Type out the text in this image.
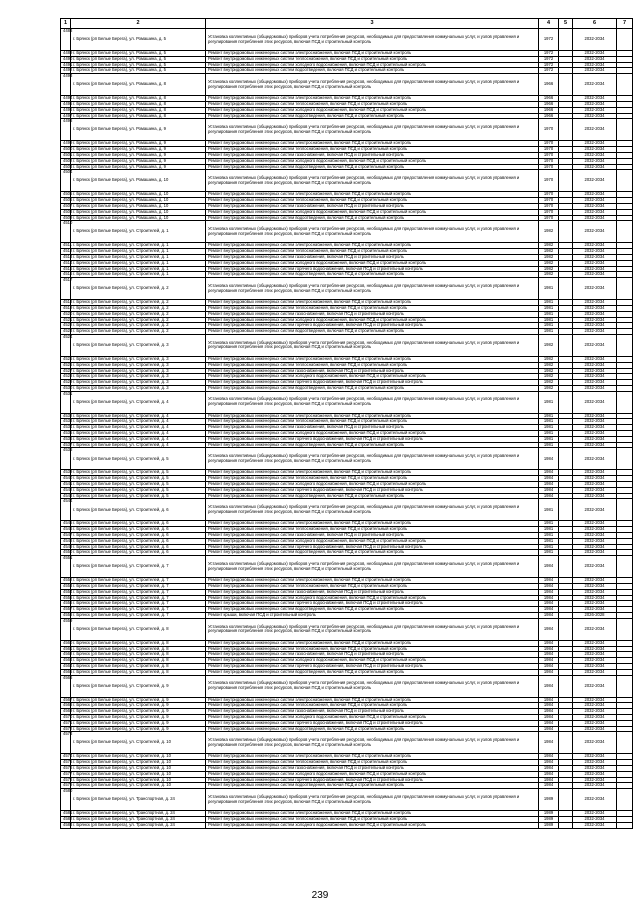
1	2	3	4	5	6	7
4488	г. Брянск (рп Белые Берега), ул. Ромашина, д. 5	Установка коллективных (общедомовых) приборов учета потребления ресурсов, необходимых для предоставления коммунальных услуг, и узлов управления и регулирования потребления этих ресурсов, включая ПСД и строительный контроль	1972		2032-2034	
4489	г. Брянск (рп Белые Берега), ул. Ромашина, д. 5	Ремонт внутридомовых инженерных систем электроснабжения, включая ПСД и строительный контроль	1972		2032-2034	
4490	г. Брянск (рп Белые Берега), ул. Ромашина, д. 5	Ремонт внутридомовых инженерных систем теплоснабжения, включая ПСД и строительный контроль	1972		2032-2034	
4491	г. Брянск (рп Белые Берега), ул. Ромашина, д. 5	Ремонт внутридомовых инженерных систем холодного водоснабжения, включая ПСД и строительный контроль	1972		2032-2034	
4492	г. Брянск (рп Белые Берега), ул. Ромашина, д. 5	Ремонт внутридомовых инженерных систем водоотведения, включая ПСД и строительный контроль	1972		2032-2034	
4493	г. Брянск (рп Белые Берега), ул. Ромашина, д. 8	Установка коллективных (общедомовых) приборов учета потребления ресурсов, необходимых для предоставления коммунальных услуг, и узлов управления и регулирования потребления этих ресурсов, включая ПСД и строительный контроль	1966		2032-2034	
4494	г. Брянск (рп Белые Берега), ул. Ромашина, д. 8	Ремонт внутридомовых инженерных систем электроснабжения, включая ПСД и строительный контроль	1966		2032-2034	
4495	г. Брянск (рп Белые Берега), ул. Ромашина, д. 8	Ремонт внутридомовых инженерных систем теплоснабжения, включая ПСД и строительный контроль	1966		2032-2034	
4496	г. Брянск (рп Белые Берега), ул. Ромашина, д. 8	Ремонт внутридомовых инженерных систем холодного водоснабжения, включая ПСД и строительный контроль	1966		2032-2034	
4497	г. Брянск (рп Белые Берега), ул. Ромашина, д. 8	Ремонт внутридомовых инженерных систем водоотведения, включая ПСД и строительный контроль	1966		2032-2034	
4498	г. Брянск (рп Белые Берега), ул. Ромашина, д. 9	Установка коллективных (общедомовых) приборов учета потребления ресурсов, необходимых для предоставления коммунальных услуг, и узлов управления и регулирования потребления этих ресурсов, включая ПСД и строительный контроль	1970		2032-2034	
4499	г. Брянск (рп Белые Берега), ул. Ромашина, д. 9	Ремонт внутридомовых инженерных систем электроснабжения, включая ПСД и строительный контроль	1970		2032-2034	
4500	г. Брянск (рп Белые Берега), ул. Ромашина, д. 9	Ремонт внутридомовых инженерных систем теплоснабжения, включая ПСД и строительный контроль	1970		2032-2034	
4501	г. Брянск (рп Белые Берега), ул. Ромашина, д. 9	Ремонт внутридомовых инженерных систем газоснабжения, включая ПСД и строительный контроль	1970		2032-2034	
4502	г. Брянск (рп Белые Берега), ул. Ромашина, д. 9	Ремонт внутридомовых инженерных систем холодного водоснабжения, включая ПСД и строительный контроль	1970		2032-2034	
4503	г. Брянск (рп Белые Берега), ул. Ромашина, д. 9	Ремонт внутридомовых инженерных систем водоотведения, включая ПСД и строительный контроль	1970		2032-2034	
4504	г. Брянск (рп Белые Берега), ул. Ромашина, д. 10	Установка коллективных (общедомовых) приборов учета потребления ресурсов, необходимых для предоставления коммунальных услуг, и узлов управления и регулирования потребления этих ресурсов, включая ПСД и строительный контроль	1970		2032-2034	
4505	г. Брянск (рп Белые Берега), ул. Ромашина, д. 10	Ремонт внутридомовых инженерных систем электроснабжения, включая ПСД и строительный контроль	1970		2032-2034	
4506	г. Брянск (рп Белые Берега), ул. Ромашина, д. 10	Ремонт внутридомовых инженерных систем теплоснабжения, включая ПСД и строительный контроль	1970		2032-2034	
4507	г. Брянск (рп Белые Берега), ул. Ромашина, д. 10	Ремонт внутридомовых инженерных систем газоснабжения, включая ПСД и строительный контроль	1970		2032-2034	
4508	г. Брянск (рп Белые Берега), ул. Ромашина, д. 10	Ремонт внутридомовых инженерных систем холодного водоснабжения, включая ПСД и строительный контроль	1970		2032-2034	
4509	г. Брянск (рп Белые Берега), ул. Ромашина, д. 10	Ремонт внутридомовых инженерных систем водоотведения, включая ПСД и строительный контроль	1970		2032-2034	
4510	г. Брянск (рп Белые Берега), ул. Строителей, д. 1	Установка коллективных (общедомовых) приборов учета потребления ресурсов, необходимых для предоставления коммунальных услуг, и узлов управления и регулирования потребления этих ресурсов, включая ПСД и строительный контроль	1982		2032-2034	
4511	г. Брянск (рп Белые Берега), ул. Строителей, д. 1	Ремонт внутридомовых инженерных систем электроснабжения, включая ПСД и строительный контроль	1982		2032-2034	
4512	г. Брянск (рп Белые Берега), ул. Строителей, д. 1	Ремонт внутридомовых инженерных систем теплоснабжения, включая ПСД и строительный контроль	1982		2032-2034	
4513	г. Брянск (рп Белые Берега), ул. Строителей, д. 1	Ремонт внутридомовых инженерных систем газоснабжения, включая ПСД и строительный контроль	1982		2032-2034	
4514	г. Брянск (рп Белые Берега), ул. Строителей, д. 1	Ремонт внутридомовых инженерных систем холодного водоснабжения, включая ПСД и строительный контроль	1982		2032-2034	
4515	г. Брянск (рп Белые Берега), ул. Строителей, д. 1	Ремонт внутридомовых инженерных систем горячего водоснабжения, включая ПСД и строительный контроль	1982		2032-2034	
4516	г. Брянск (рп Белые Берега), ул. Строителей, д. 1	Ремонт внутридомовых инженерных систем водоотведения, включая ПСД и строительный контроль	1982		2032-2034	
4517	г. Брянск (рп Белые Берега), ул. Строителей, д. 2	Установка коллективных (общедомовых) приборов учета потребления ресурсов, необходимых для предоставления коммунальных услуг, и узлов управления и регулирования потребления этих ресурсов, включая ПСД и строительный контроль	1981		2032-2034	
4518	г. Брянск (рп Белые Берега), ул. Строителей, д. 2	Ремонт внутридомовых инженерных систем электроснабжения, включая ПСД и строительный контроль	1981		2032-2034	
4519	г. Брянск (рп Белые Берега), ул. Строителей, д. 2	Ремонт внутридомовых инженерных систем теплоснабжения, включая ПСД и строительный контроль	1981		2032-2034	
4520	г. Брянск (рп Белые Берега), ул. Строителей, д. 2	Ремонт внутридомовых инженерных систем газоснабжения, включая ПСД и строительный контроль	1981		2032-2034	
4521	г. Брянск (рп Белые Берега), ул. Строителей, д. 2	Ремонт внутридомовых инженерных систем холодного водоснабжения, включая ПСД и строительный контроль	1981		2032-2034	
4522	г. Брянск (рп Белые Берега), ул. Строителей, д. 2	Ремонт внутридомовых инженерных систем горячего водоснабжения, включая ПСД и строительный контроль	1981		2032-2034	
4523	г. Брянск (рп Белые Берега), ул. Строителей, д. 2	Ремонт внутридомовых инженерных систем водоотведения, включая ПСД и строительный контроль	1981		2032-2034	
4524	г. Брянск (рп Белые Берега), ул. Строителей, д. 3	Установка коллективных (общедомовых) приборов учета потребления ресурсов, необходимых для предоставления коммунальных услуг, и узлов управления и регулирования потребления этих ресурсов, включая ПСД и строительный контроль	1982		2032-2034	
4525	г. Брянск (рп Белые Берега), ул. Строителей, д. 3	Ремонт внутридомовых инженерных систем электроснабжения, включая ПСД и строительный контроль	1982		2032-2034	
4526	г. Брянск (рп Белые Берега), ул. Строителей, д. 3	Ремонт внутридомовых инженерных систем теплоснабжения, включая ПСД и строительный контроль	1982		2032-2034	
4527	г. Брянск (рп Белые Берега), ул. Строителей, д. 3	Ремонт внутридомовых инженерных систем газоснабжения, включая ПСД и строительный контроль	1982		2032-2034	
4528	г. Брянск (рп Белые Берега), ул. Строителей, д. 3	Ремонт внутридомовых инженерных систем холодного водоснабжения, включая ПСД и строительный контроль	1982		2032-2034	
4529	г. Брянск (рп Белые Берега), ул. Строителей, д. 3	Ремонт внутридомовых инженерных систем горячего водоснабжения, включая ПСД и строительный контроль	1982		2032-2034	
4530	г. Брянск (рп Белые Берега), ул. Строителей, д. 3	Ремонт внутридомовых инженерных систем водоотведения, включая ПСД и строительный контроль	1982		2032-2034	
4531	г. Брянск (рп Белые Берега), ул. Строителей, д. 4	Установка коллективных (общедомовых) приборов учета потребления ресурсов, необходимых для предоставления коммунальных услуг, и узлов управления и регулирования потребления этих ресурсов, включая ПСД и строительный контроль	1981		2032-2034	
4532	г. Брянск (рп Белые Берега), ул. Строителей, д. 4	Ремонт внутридомовых инженерных систем электроснабжения, включая ПСД и строительный контроль	1981		2032-2034	
4533	г. Брянск (рп Белые Берега), ул. Строителей, д. 4	Ремонт внутридомовых инженерных систем теплоснабжения, включая ПСД и строительный контроль	1981		2032-2034	
4534	г. Брянск (рп Белые Берега), ул. Строителей, д. 4	Ремонт внутридомовых инженерных систем газоснабжения, включая ПСД и строительный контроль	1981		2032-2034	
4535	г. Брянск (рп Белые Берега), ул. Строителей, д. 4	Ремонт внутридомовых инженерных систем холодного водоснабжения, включая ПСД и строительный контроль	1981		2032-2034	
4536	г. Брянск (рп Белые Берега), ул. Строителей, д. 4	Ремонт внутридомовых инженерных систем горячего водоснабжения, включая ПСД и строительный контроль	1981		2032-2034	
4537	г. Брянск (рп Белые Берега), ул. Строителей, д. 4	Ремонт внутридомовых инженерных систем водоотведения, включая ПСД и строительный контроль	1981		2032-2034	
4538	г. Брянск (рп Белые Берега), ул. Строителей, д. 5	Установка коллективных (общедомовых) приборов учета потребления ресурсов, необходимых для предоставления коммунальных услуг, и узлов управления и регулирования потребления этих ресурсов, включая ПСД и строительный контроль	1984		2032-2034	
4539	г. Брянск (рп Белые Берега), ул. Строителей, д. 5	Ремонт внутридомовых инженерных систем электроснабжения, включая ПСД и строительный контроль	1984		2032-2034	
4540	г. Брянск (рп Белые Берега), ул. Строителей, д. 5	Ремонт внутридомовых инженерных систем теплоснабжения, включая ПСД и строительный контроль	1984		2032-2034	
4541	г. Брянск (рп Белые Берега), ул. Строителей, д. 5	Ремонт внутридомовых инженерных систем холодного водоснабжения, включая ПСД и строительный контроль	1984		2032-2034	
4542	г. Брянск (рп Белые Берега), ул. Строителей, д. 5	Ремонт внутридомовых инженерных систем горячего водоснабжения, включая ПСД и строительный контроль	1984		2032-2034	
4543	г. Брянск (рп Белые Берега), ул. Строителей, д. 5	Ремонт внутридомовых инженерных систем водоотведения, включая ПСД и строительный контроль	1984		2032-2034	
4544	г. Брянск (рп Белые Берега), ул. Строителей, д. 6	Установка коллективных (общедомовых) приборов учета потребления ресурсов, необходимых для предоставления коммунальных услуг, и узлов управления и регулирования потребления этих ресурсов, включая ПСД и строительный контроль	1981		2032-2034	
4545	г. Брянск (рп Белые Берега), ул. Строителей, д. 6	Ремонт внутридомовых инженерных систем электроснабжения, включая ПСД и строительный контроль	1981		2032-2034	
4546	г. Брянск (рп Белые Берега), ул. Строителей, д. 6	Ремонт внутридомовых инженерных систем теплоснабжения, включая ПСД и строительный контроль	1981		2032-2034	
4547	г. Брянск (рп Белые Берега), ул. Строителей, д. 6	Ремонт внутридомовых инженерных систем газоснабжения, включая ПСД и строительный контроль	1981		2032-2034	
4548	г. Брянск (рп Белые Берега), ул. Строителей, д. 6	Ремонт внутридомовых инженерных систем холодного водоснабжения, включая ПСД и строительный контроль	1981		2032-2034	
4549	г. Брянск (рп Белые Берега), ул. Строителей, д. 6	Ремонт внутридомовых инженерных систем горячего водоснабжения, включая ПСД и строительный контроль	1981		2032-2034	
4550	г. Брянск (рп Белые Берега), ул. Строителей, д. 6	Ремонт внутридомовых инженерных систем водоотведения, включая ПСД и строительный контроль	1981		2032-2034	
4551	г. Брянск (рп Белые Берега), ул. Строителей, д. 7	Установка коллективных (общедомовых) приборов учета потребления ресурсов, необходимых для предоставления коммунальных услуг, и узлов управления и регулирования потребления этих ресурсов, включая ПСД и строительный контроль	1984		2032-2034	
4552	г. Брянск (рп Белые Берега), ул. Строителей, д. 7	Ремонт внутридомовых инженерных систем электроснабжения, включая ПСД и строительный контроль	1984		2032-2034	
4553	г. Брянск (рп Белые Берега), ул. Строителей, д. 7	Ремонт внутридомовых инженерных систем теплоснабжения, включая ПСД и строительный контроль	1984		2032-2034	
4554	г. Брянск (рп Белые Берега), ул. Строителей, д. 7	Ремонт внутридомовых инженерных систем газоснабжения, включая ПСД и строительный контроль	1984		2032-2034	
4555	г. Брянск (рп Белые Берега), ул. Строителей, д. 7	Ремонт внутридомовых инженерных систем холодного водоснабжения, включая ПСД и строительный контроль	1984		2032-2034	
4556	г. Брянск (рп Белые Берега), ул. Строителей, д. 7	Ремонт внутридомовых инженерных систем горячего водоснабжения, включая ПСД и строительный контроль	1984		2032-2034	
4557	г. Брянск (рп Белые Берега), ул. Строителей, д. 7	Ремонт внутридомовых инженерных систем водоотведения, включая ПСД и строительный контроль	1984		2032-2034	
4558	г. Брянск (рп Белые Берега), ул. Строителей, д. 7	Ремонт крыши, включая ПСД и строительный контроль	1984		2026-2028	
4559	г. Брянск (рп Белые Берега), ул. Строителей, д. 8	Установка коллективных (общедомовых) приборов учета потребления ресурсов, необходимых для предоставления коммунальных услуг, и узлов управления и регулирования потребления этих ресурсов, включая ПСД и строительный контроль	1984		2032-2034	
4560	г. Брянск (рп Белые Берега), ул. Строителей, д. 8	Ремонт внутридомовых инженерных систем электроснабжения, включая ПСД и строительный контроль	1984		2032-2034	
4561	г. Брянск (рп Белые Берега), ул. Строителей, д. 8	Ремонт внутридомовых инженерных систем теплоснабжения, включая ПСД и строительный контроль	1984		2032-2034	
4562	г. Брянск (рп Белые Берега), ул. Строителей, д. 8	Ремонт внутридомовых инженерных систем газоснабжения, включая ПСД и строительный контроль	1984		2032-2034	
4563	г. Брянск (рп Белые Берега), ул. Строителей, д. 8	Ремонт внутридомовых инженерных систем холодного водоснабжения, включая ПСД и строительный контроль	1984		2032-2034	
4564	г. Брянск (рп Белые Берега), ул. Строителей, д. 8	Ремонт внутридомовых инженерных систем горячего водоснабжения, включая ПСД и строительный контроль	1984		2032-2034	
4565	г. Брянск (рп Белые Берега), ул. Строителей, д. 8	Ремонт внутридомовых инженерных систем водоотведения, включая ПСД и строительный контроль	1984		2032-2034	
4566	г. Брянск (рп Белые Берега), ул. Строителей, д. 9	Установка коллективных (общедомовых) приборов учета потребления ресурсов, необходимых для предоставления коммунальных услуг, и узлов управления и регулирования потребления этих ресурсов, включая ПСД и строительный контроль	1984		2032-2034	
4567	г. Брянск (рп Белые Берега), ул. Строителей, д. 9	Ремонт внутридомовых инженерных систем электроснабжения, включая ПСД и строительный контроль	1984		2032-2034	
4568	г. Брянск (рп Белые Берега), ул. Строителей, д. 9	Ремонт внутридомовых инженерных систем теплоснабжения, включая ПСД и строительный контроль	1984		2032-2034	
4569	г. Брянск (рп Белые Берега), ул. Строителей, д. 9	Ремонт внутридомовых инженерных систем газоснабжения, включая ПСД и строительный контроль	1984		2032-2034	
4570	г. Брянск (рп Белые Берега), ул. Строителей, д. 9	Ремонт внутридомовых инженерных систем холодного водоснабжения, включая ПСД и строительный контроль	1984		2032-2034	
4571	г. Брянск (рп Белые Берега), ул. Строителей, д. 9	Ремонт внутридомовых инженерных систем горячего водоснабжения, включая ПСД и строительный контроль	1984		2032-2034	
4572	г. Брянск (рп Белые Берега), ул. Строителей, д. 9	Ремонт внутридомовых инженерных систем водоотведения, включая ПСД и строительный контроль	1984		2032-2034	
4573	г. Брянск (рп Белые Берега), ул. Строителей, д. 10	Установка коллективных (общедомовых) приборов учета потребления ресурсов, необходимых для предоставления коммунальных услуг, и узлов управления и регулирования потребления этих ресурсов, включая ПСД и строительный контроль	1984		2032-2034	
4574	г. Брянск (рп Белые Берега), ул. Строителей, д. 10	Ремонт внутридомовых инженерных систем электроснабжения, включая ПСД и строительный контроль	1984		2032-2034	
4575	г. Брянск (рп Белые Берега), ул. Строителей, д. 10	Ремонт внутридомовых инженерных систем теплоснабжения, включая ПСД и строительный контроль	1984		2032-2034	
4576	г. Брянск (рп Белые Берега), ул. Строителей, д. 10	Ремонт внутридомовых инженерных систем газоснабжения, включая ПСД и строительный контроль	1984		2032-2034	
4577	г. Брянск (рп Белые Берега), ул. Строителей, д. 10	Ремонт внутридомовых инженерных систем холодного водоснабжения, включая ПСД и строительный контроль	1984		2032-2034	
4578	г. Брянск (рп Белые Берега), ул. Строителей, д. 10	Ремонт внутридомовых инженерных систем горячего водоснабжения, включая ПСД и строительный контроль	1984		2032-2034	
4579	г. Брянск (рп Белые Берега), ул. Строителей, д. 10	Ремонт внутридомовых инженерных систем водоотведения, включая ПСД и строительный контроль	1984		2032-2034	
4580	г. Брянск (рп Белые Берега), ул. Транспортная, д. 24	Установка коллективных (общедомовых) приборов учета потребления ресурсов, необходимых для предоставления коммунальных услуг, и узлов управления и регулирования потребления этих ресурсов, включая ПСД и строительный контроль	1989		2032-2034	
4581	г. Брянск (рп Белые Берега), ул. Транспортная, д. 24	Ремонт внутридомовых инженерных систем электроснабжения, включая ПСД и строительный контроль	1989		2032-2034	
4582	г. Брянск (рп Белые Берега), ул. Транспортная, д. 24	Ремонт внутридомовых инженерных систем теплоснабжения, включая ПСД и строительный контроль	1989		2032-2034	
4583	г. Брянск (рп Белые Берега), ул. Транспортная, д. 24	Ремонт внутридомовых инженерных систем холодного водоснабжения, включая ПСД и строительный контроль	1989		2032-2034	
239
